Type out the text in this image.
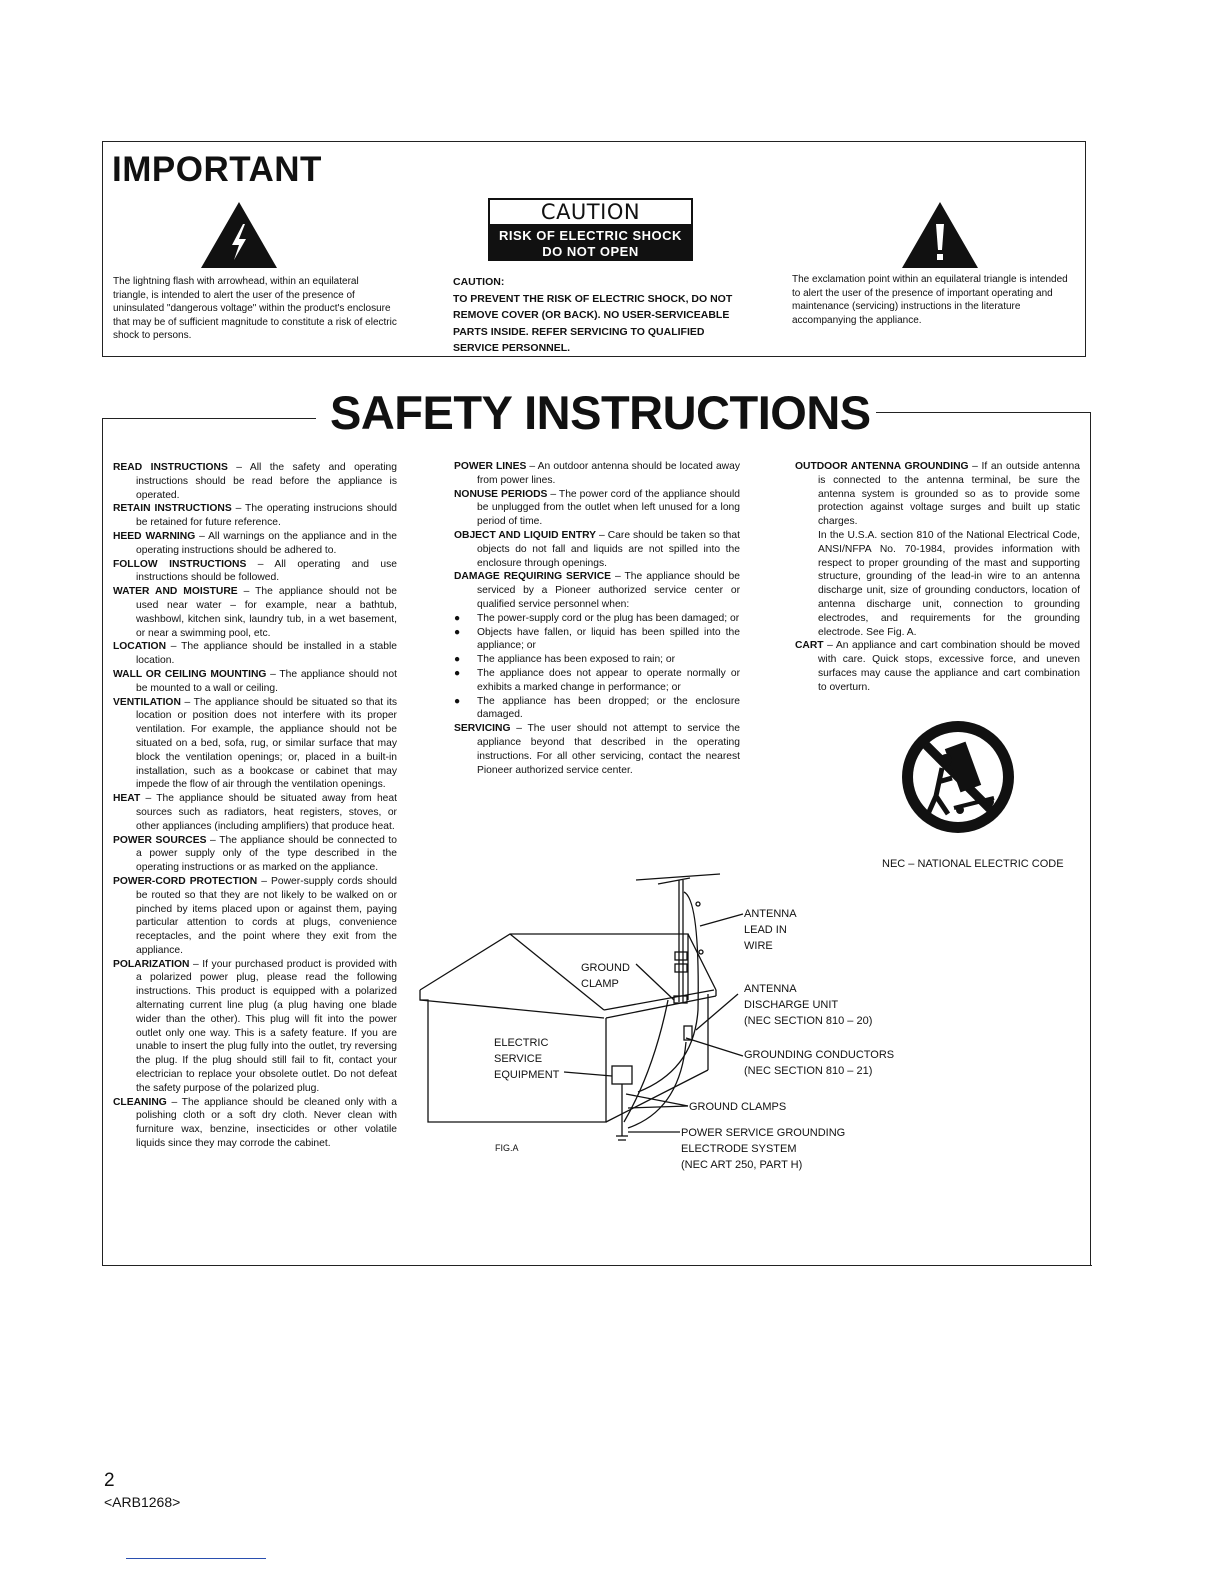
IMPORTANT
The lightning flash with arrowhead, within an equilateral triangle, is intended to alert the user of the presence of uninsulated "dangerous voltage" within the product's enclosure that may be of sufficient magnitude to constitute a risk of electric shock to persons.
CAUTION
RISK OF ELECTRIC SHOCK
DO NOT OPEN
CAUTION:
TO PREVENT THE RISK OF ELECTRIC SHOCK, DO NOT REMOVE COVER (OR BACK). NO USER-SERVICEABLE PARTS INSIDE. REFER SERVICING TO QUALIFIED SERVICE PERSONNEL.
The exclamation point within an equilateral triangle is intended to alert the user of the presence of important operating and maintenance (servicing) instructions in the literature accompanying the appliance.
SAFETY INSTRUCTIONS

READ INSTRUCTIONS – All the safety and operating instructions should be read before the appliance is operated.

RETAIN INSTRUCTIONS – The operating instrucions should be retained for future reference.

HEED WARNING – All warnings on the appliance and in the operating instructions should be adhered to.

FOLLOW INSTRUCTIONS – All operating and use instructions should be followed.

WATER AND MOISTURE – The appliance should not be used near water – for example, near a bathtub, washbowl, kitchen sink, laundry tub, in a wet basement, or near a swimming pool, etc.

LOCATION – The appliance should be installed in a stable location.

WALL OR CEILING MOUNTING – The appliance should not be mounted to a wall or ceiling.

VENTILATION – The appliance should be situated so that its location or position does not interfere with its proper ventilation. For example, the appliance should not be situated on a bed, sofa, rug, or similar surface that may block the ventilation openings; or, placed in a built-in installation, such as a bookcase or cabinet that may impede the flow of air through the ventilation openings.

HEAT – The appliance should be situated away from heat sources such as radiators, heat registers, stoves, or other appliances (including amplifiers) that produce heat.

POWER SOURCES – The appliance should be connected to a power supply only of the type described in the operating instructions or as marked on the appliance.

POWER-CORD PROTECTION – Power-supply cords should be routed so that they are not likely to be walked on or pinched by items placed upon or against them, paying particular attention to cords at plugs, convenience receptacles, and the point where they exit from the appliance.

POLARIZATION – If your purchased product is provided with a polarized power plug, please read the following instructions. This product is equipped with a polarized alternating current line plug (a plug having one blade wider than the other). This plug will fit into the power outlet only one way. This is a safety feature. If you are unable to insert the plug fully into the outlet, try reversing the plug. If the plug should still fail to fit, contact your electrician to replace your obsolete outlet. Do not defeat the safety purpose of the polarized plug.

CLEANING – The appliance should be cleaned only with a polishing cloth or a soft dry cloth. Never clean with furniture wax, benzine, insecticides or other volatile liquids since they may corrode the cabinet.

POWER LINES – An outdoor antenna should be located away from power lines.

NONUSE PERIODS – The power cord of the appliance should be unplugged from the outlet when left unused for a long period of time.

OBJECT AND LIQUID ENTRY – Care should be taken so that objects do not fall and liquids are not spilled into the enclosure through openings.

DAMAGE REQUIRING SERVICE – The appliance should be serviced by a Pioneer authorized service center or qualified service personnel when:

● The power-supply cord or the plug has been damaged; or

● Objects have fallen, or liquid has been spilled into the appliance; or

● The appliance has been exposed to rain; or

● The appliance does not appear to operate normally or exhibits a marked change in performance; or

● The appliance has been dropped; or the enclosure damaged.

SERVICING – The user should not attempt to service the appliance beyond that described in the operating instructions. For all other servicing, contact the nearest Pioneer authorized service center.

OUTDOOR ANTENNA GROUNDING – If an outside antenna is connected to the antenna terminal, be sure the antenna system is grounded so as to provide some protection against voltage surges and built up static charges.
In the U.S.A. section 810 of the National Electrical Code, ANSI/NFPA No. 70-1984, provides information with respect to proper grounding of the mast and supporting structure, grounding of the lead-in wire to an antenna discharge unit, size of grounding conductors, location of antenna discharge unit, connection to grounding electrodes, and requirements for the grounding electrode. See Fig. A.

CART – An appliance and cart combination should be moved with care. Quick stops, excessive force, and uneven surfaces may cause the appliance and cart combination to overturn.

NEC – NATIONAL ELECTRIC CODE
ANTENNA
LEAD IN
WIRE
GROUND
CLAMP	ANTENNA
DISCHARGE UNIT
(NEC SECTION 810 – 20)
ELECTRIC
SERVICE
EQUIPMENT
GROUNDING CONDUCTORS
(NEC SECTION 810 – 21)
GROUND CLAMPS
POWER SERVICE GROUNDING
ELECTRODE SYSTEM
(NEC ART 250, PART H)
FIG.A
2
<ARB1268>
